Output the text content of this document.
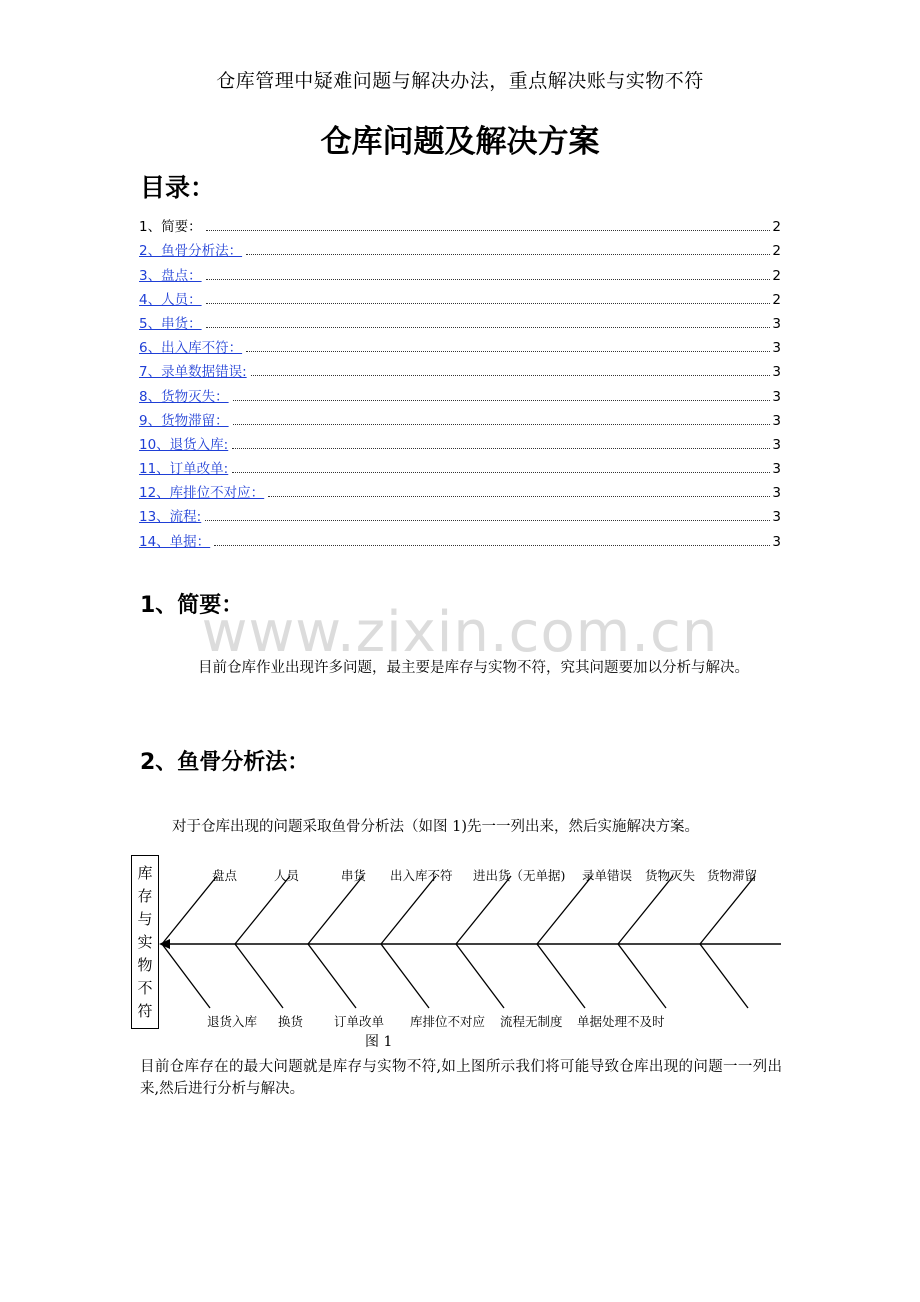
仓库管理中疑难问题与解决办法，重点解决账与实物不符
仓库问题及解决方案
目录：
1、简要：	2
2、鱼骨分析法：	2
3、盘点：	2
4、人员：	2
5、串货：	3
6、出入库不符：	3
7、录单数据错误:	3
8、货物灭失：	3
9、货物滞留：	3
10、退货入库:	3
11、订单改单:	3
12、库排位不对应：	3
13、流程:	3
14、单据：	3
www.zixin.com.cn
1、简要：
目前仓库作业出现许多问题，最主要是库存与实物不符，究其问题要加以分析与解决。
2、鱼骨分析法：
对于仓库出现的问题采取鱼骨分析法（如图 1)先一一列出来，然后实施解决方案。
库
存
与
实
物
不
符
盘点	人员	串货 出入库不符 进出货（无单据) 录单错误 货物灭失 货物滞留
退货入库 换货 订单改单 库排位不对应 流程无制度 单据处理不及时
图 1
目前仓库存在的最大问题就是库存与实物不符,如上图所示我们将可能导致仓库出现的问题一一列出来,然后进行分析与解决。
